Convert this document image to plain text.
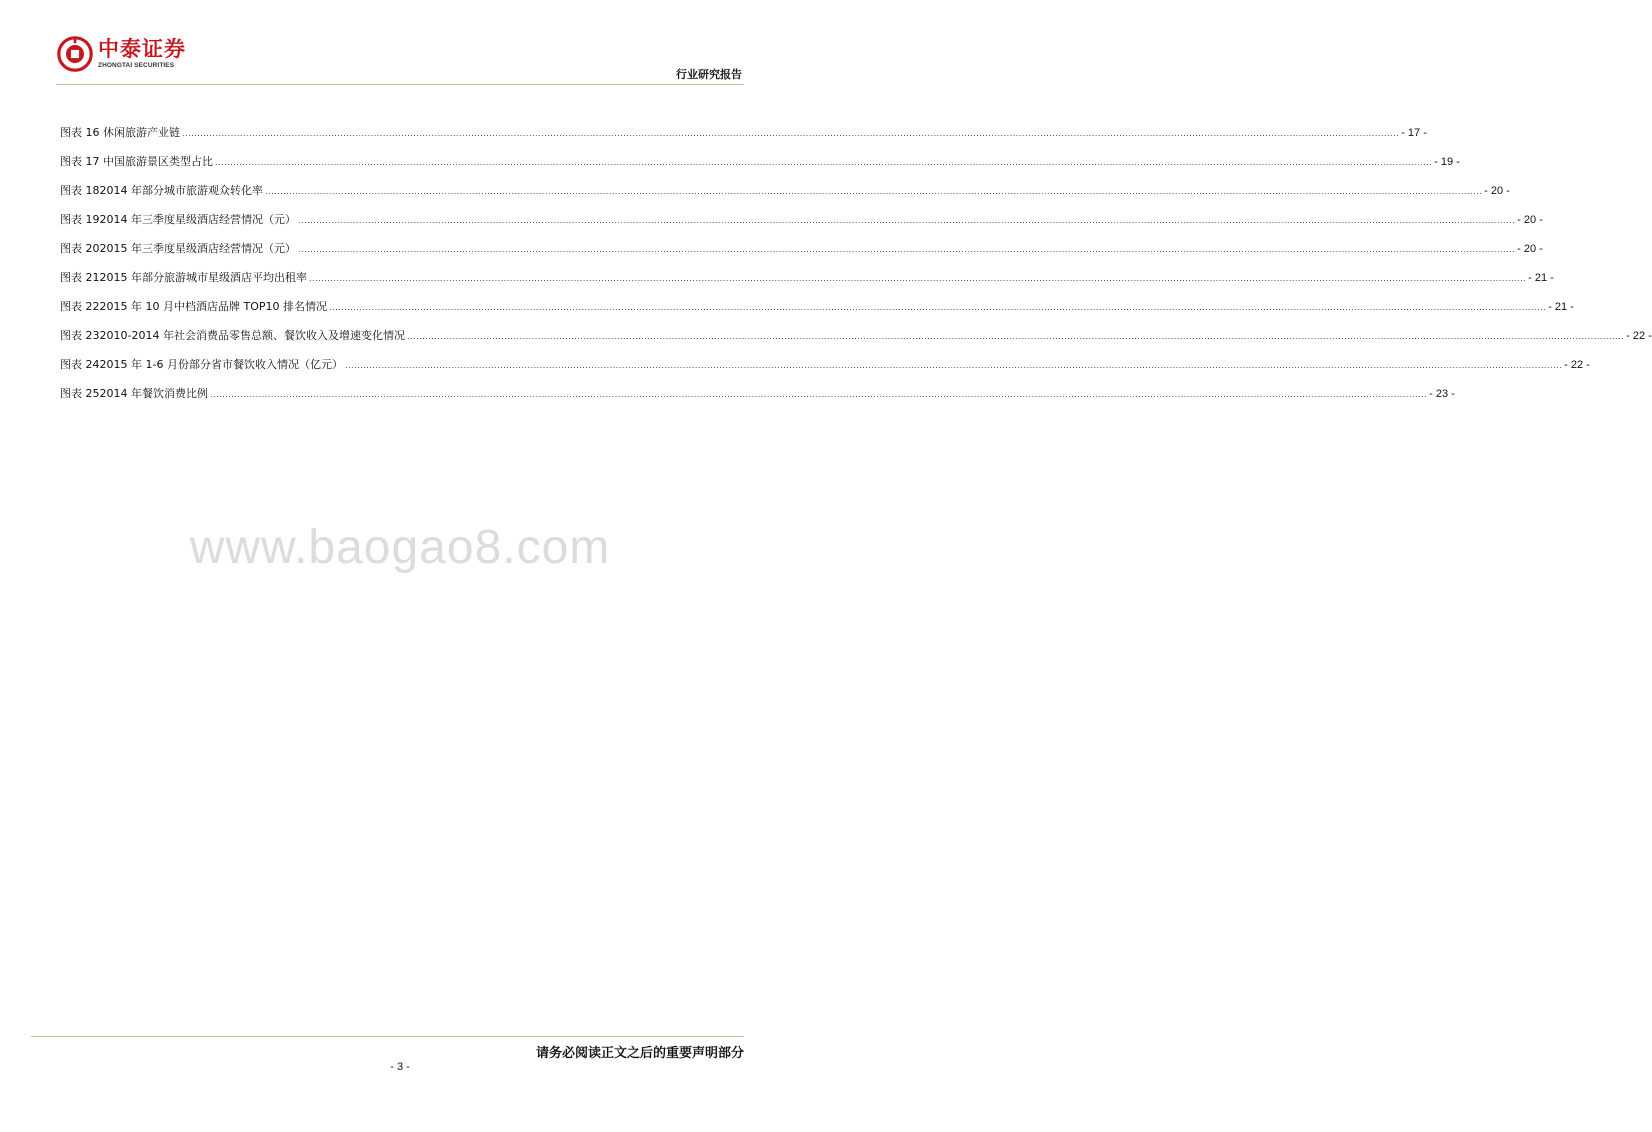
中泰证券
ZHONGTAI SECURITIES
行业研究报告
图表 16 休闲旅游产业链 ................................................................................................................................................................................................................................................................................................................................................................................................................ - 17 -
图表 17 中国旅游景区类型占比 ................................................................................................................................................................................................................................................................................................................................................................................................................ - 19 -
图表 182014 年部分城市旅游观众转化率 ................................................................................................................................................................................................................................................................................................................................................................................................................ - 20 -
图表 192014 年三季度星级酒店经营情况（元） ................................................................................................................................................................................................................................................................................................................................................................................................................ - 20 -
图表 202015 年三季度星级酒店经营情况（元） ................................................................................................................................................................................................................................................................................................................................................................................................................ - 20 -
图表 212015 年部分旅游城市星级酒店平均出租率 ................................................................................................................................................................................................................................................................................................................................................................................................................ - 21 -
图表 222015 年 10 月中档酒店品牌 TOP10 排名情况 ................................................................................................................................................................................................................................................................................................................................................................................................................ - 21 -
图表 232010-2014 年社会消费品零售总额、餐饮收入及增速变化情况 ................................................................................................................................................................................................................................................................................................................................................................................................................ - 22 -
图表 242015 年 1-6 月份部分省市餐饮收入情况（亿元） ................................................................................................................................................................................................................................................................................................................................................................................................................ - 22 -
图表 252014 年餐饮消费比例 ................................................................................................................................................................................................................................................................................................................................................................................................................ - 23 -
www.baogao8.com
请务必阅读正文之后的重要声明部分
- 3 -
